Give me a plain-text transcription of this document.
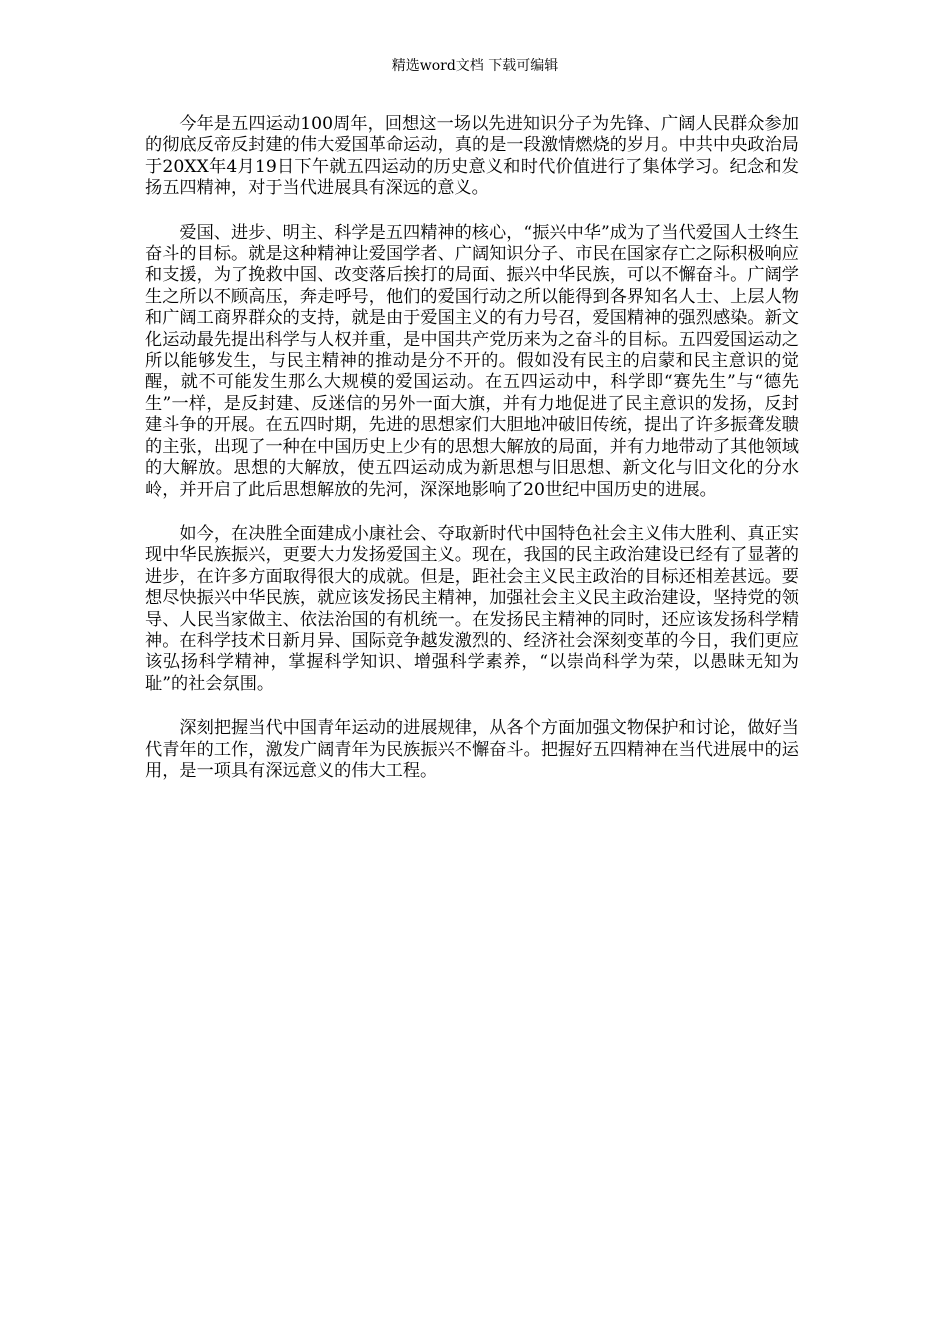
精选word文档 下载可编辑

今年是五四运动100周年，回想这一场以先进知识分子为先锋、广阔人民群众参加的彻底反帝反封建的伟大爱国革命运动，真的是一段激情燃烧的岁月。中共中央政治局于20XX年4月19日下午就五四运动的历史意义和时代价值进行了集体学习。纪念和发扬五四精神，对于当代进展具有深远的意义。

爱国、进步、明主、科学是五四精神的核心，“振兴中华”成为了当代爱国人士终生奋斗的目标。就是这种精神让爱国学者、广阔知识分子、市民在国家存亡之际积极响应和支援，为了挽救中国、改变落后挨打的局面、振兴中华民族，可以不懈奋斗。广阔学生之所以不顾高压，奔走呼号，他们的爱国行动之所以能得到各界知名人士、上层人物和广阔工商界群众的支持，就是由于爱国主义的有力号召，爱国精神的强烈感染。新文化运动最先提出科学与人权并重，是中国共产党历来为之奋斗的目标。五四爱国运动之所以能够发生，与民主精神的推动是分不开的。假如没有民主的启蒙和民主意识的觉醒，就不可能发生那么大规模的爱国运动。在五四运动中，科学即“赛先生”与“德先生”一样，是反封建、反迷信的另外一面大旗，并有力地促进了民主意识的发扬，反封建斗争的开展。在五四时期，先进的思想家们大胆地冲破旧传统，提出了许多振聋发聩的主张，出现了一种在中国历史上少有的思想大解放的局面，并有力地带动了其他领域的大解放。思想的大解放，使五四运动成为新思想与旧思想、新文化与旧文化的分水岭，并开启了此后思想解放的先河，深深地影响了20世纪中国历史的进展。

如今，在决胜全面建成小康社会、夺取新时代中国特色社会主义伟大胜利、真正实现中华民族振兴，更要大力发扬爱国主义。现在，我国的民主政治建设已经有了显著的进步，在许多方面取得很大的成就。但是，距社会主义民主政治的目标还相差甚远。要想尽快振兴中华民族，就应该发扬民主精神，加强社会主义民主政治建设，坚持党的领导、人民当家做主、依法治国的有机统一。在发扬民主精神的同时，还应该发扬科学精神。在科学技术日新月异、国际竞争越发激烈的、经济社会深刻变革的今日，我们更应该弘扬科学精神，掌握科学知识、增强科学素养，“以崇尚科学为荣，以愚昧无知为耻”的社会氛围。

深刻把握当代中国青年运动的进展规律，从各个方面加强文物保护和讨论，做好当代青年的工作，激发广阔青年为民族振兴不懈奋斗。把握好五四精神在当代进展中的运用，是一项具有深远意义的伟大工程。
